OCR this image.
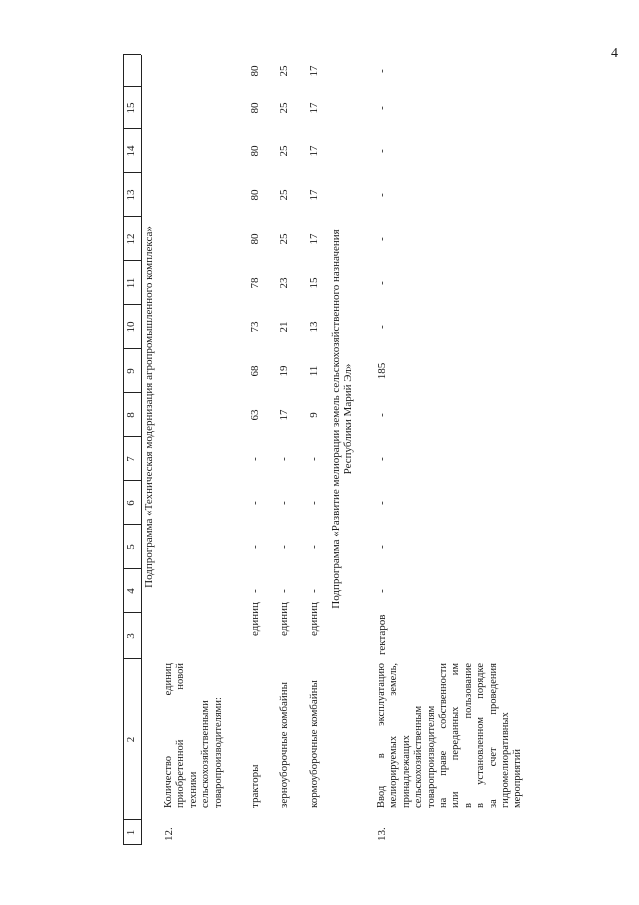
4
1
2
3
4
5
6
7
8
9
10
11
12
13
14
15
Подпрограмма «Техническая модернизация агропромышленного комплекса»
12.
Количество единиц приобретенной новой техники сельскохозяйственными товаропроизводителями: тракторы
единиц
-
-
-
-
63
68
73
78
80
80
80
80
80
зерноуборочные комбайны
единиц
-
-
-
-
17
19
21
23
25
25
25
25
25
кормоуборочные комбайны
единиц
-
-
-
-
9
11
13
15
17
17
17
17
17
Подпрограмма «Развитие мелиорации земель сельскохозяйственного назначения Республики Марий Эл»
13.
Ввод в эксплуатацию мелиорируемых земель, принадлежащих сельскохозяйственным товаропроизводителям на праве собственности или переданных им в пользование в установленном порядке за счет проведения гидромелиоративных мероприятий
гектаров
-
-
-
-
-
185
-
-
-
-
-
-
-
